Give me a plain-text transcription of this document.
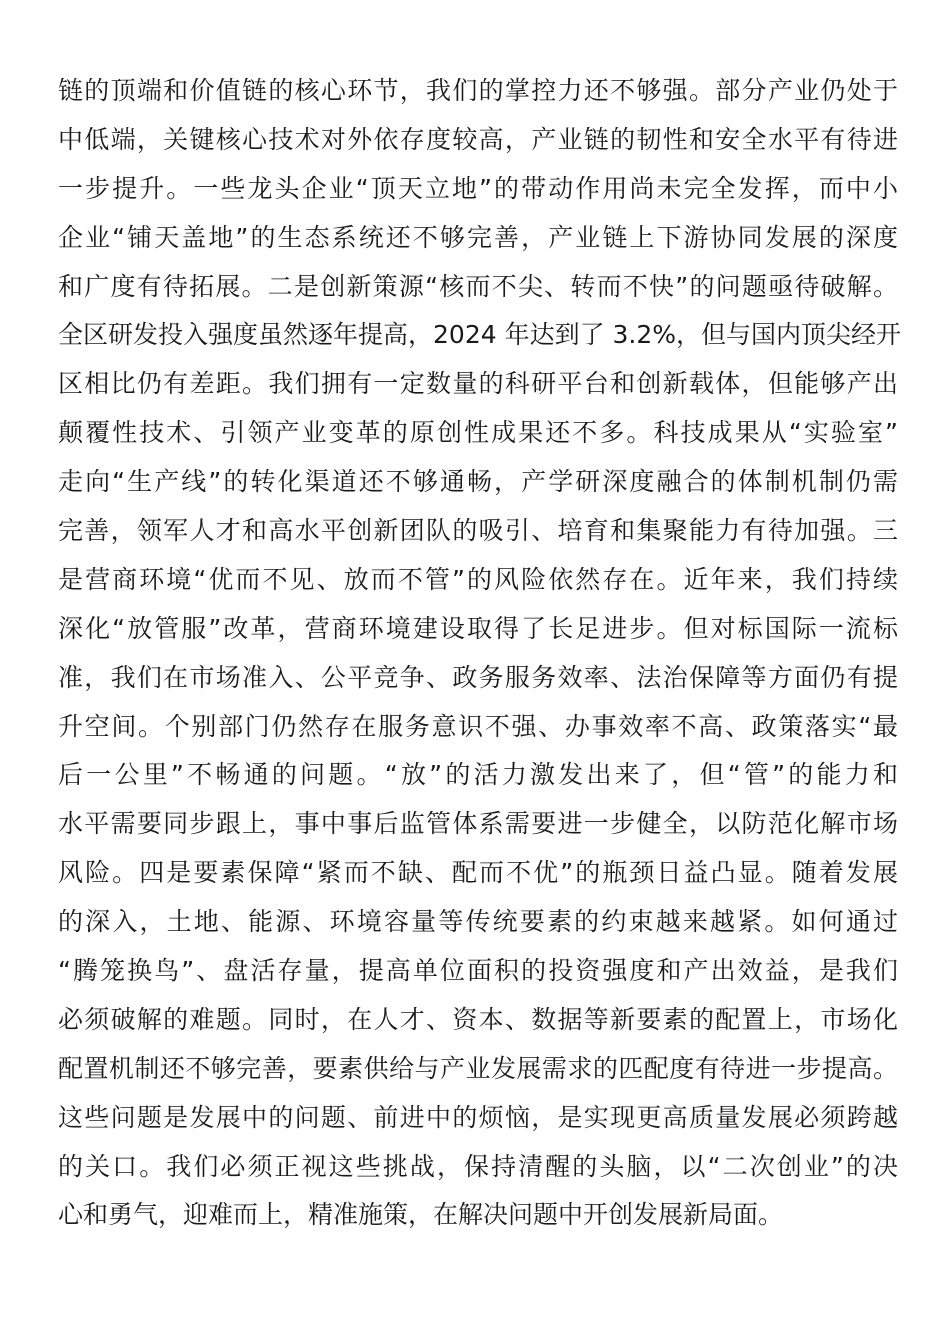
链的顶端和价值链的核心环节，我们的掌控力还不够强。部分产业仍处于
中低端，关键核心技术对外依存度较高，产业链的韧性和安全水平有待进
一步提升。一些龙头企业“顶天立地”的带动作用尚未完全发挥，而中小
企业“铺天盖地”的生态系统还不够完善，产业链上下游协同发展的深度
和广度有待拓展。二是创新策源“核而不尖、转而不快”的问题亟待破解。
全区研发投入强度虽然逐年提高，2024 年达到了 3.2%，但与国内顶尖经开
区相比仍有差距。我们拥有一定数量的科研平台和创新载体，但能够产出
颠覆性技术、引领产业变革的原创性成果还不多。科技成果从“实验室”
走向“生产线”的转化渠道还不够通畅，产学研深度融合的体制机制仍需
完善，领军人才和高水平创新团队的吸引、培育和集聚能力有待加强。三
是营商环境“优而不见、放而不管”的风险依然存在。近年来，我们持续
深化“放管服”改革，营商环境建设取得了长足进步。但对标国际一流标
准，我们在市场准入、公平竞争、政务服务效率、法治保障等方面仍有提
升空间。个别部门仍然存在服务意识不强、办事效率不高、政策落实“最
后一公里”不畅通的问题。“放”的活力激发出来了，但“管”的能力和
水平需要同步跟上，事中事后监管体系需要进一步健全，以防范化解市场
风险。四是要素保障“紧而不缺、配而不优”的瓶颈日益凸显。随着发展
的深入，土地、能源、环境容量等传统要素的约束越来越紧。如何通过
“腾笼换鸟”、盘活存量，提高单位面积的投资强度和产出效益，是我们
必须破解的难题。同时，在人才、资本、数据等新要素的配置上，市场化
配置机制还不够完善，要素供给与产业发展需求的匹配度有待进一步提高。
这些问题是发展中的问题、前进中的烦恼，是实现更高质量发展必须跨越
的关口。我们必须正视这些挑战，保持清醒的头脑，以“二次创业”的决
心和勇气，迎难而上，精准施策，在解决问题中开创发展新局面。
